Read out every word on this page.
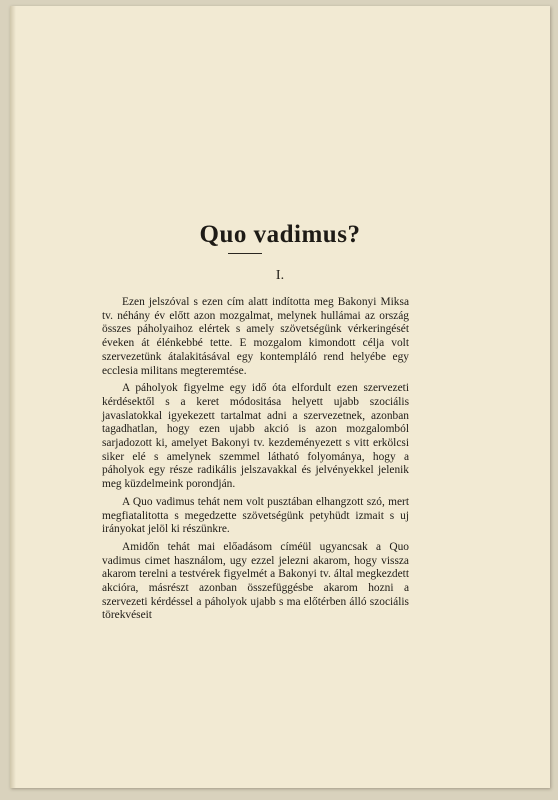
Quo vadimus?
I.

Ezen jelszóval s ezen cím alatt indította meg Bakonyi Miksa tv. néhány év előtt azon mozgalmat, melynek hullámai az ország összes páholyaihoz elértek s amely szövetségünk vérkeringését éveken át élénkebbé tette. E mozgalom kimondott célja volt szervezetünk átalakitásával egy kontempláló rend helyébe egy ecclesia militans megteremtése.

A páholyok figyelme egy idő óta elfordult ezen szervezeti kérdésektől s a keret módositása helyett ujabb szociális javaslatokkal igyekezett tartalmat adni a szervezetnek, azonban tagadhatlan, hogy ezen ujabb akció is azon mozgalomból sarjadozott ki, amelyet Bakonyi tv. kezdeményezett s vitt erkölcsi siker elé s amelynek szemmel látható folyománya, hogy a páholyok egy része radikális jelszavakkal és jelvényekkel jelenik meg küzdelmeink porondján.

A Quo vadimus tehát nem volt pusztában elhangzott szó, mert megfiatalitotta s megedzette szövetségünk petyhüdt izmait s uj irányokat jelöl ki részünkre.

Amidőn tehát mai előadásom címéül ugyancsak a Quo vadimus cimet használom, ugy ezzel jelezni akarom, hogy vissza akarom terelni a testvérek figyelmét a Bakonyi tv. által megkezdett akcióra, másrészt azonban összefüggésbe akarom hozni a szervezeti kérdéssel a páholyok ujabb s ma előtérben álló szociális törekvéseit
